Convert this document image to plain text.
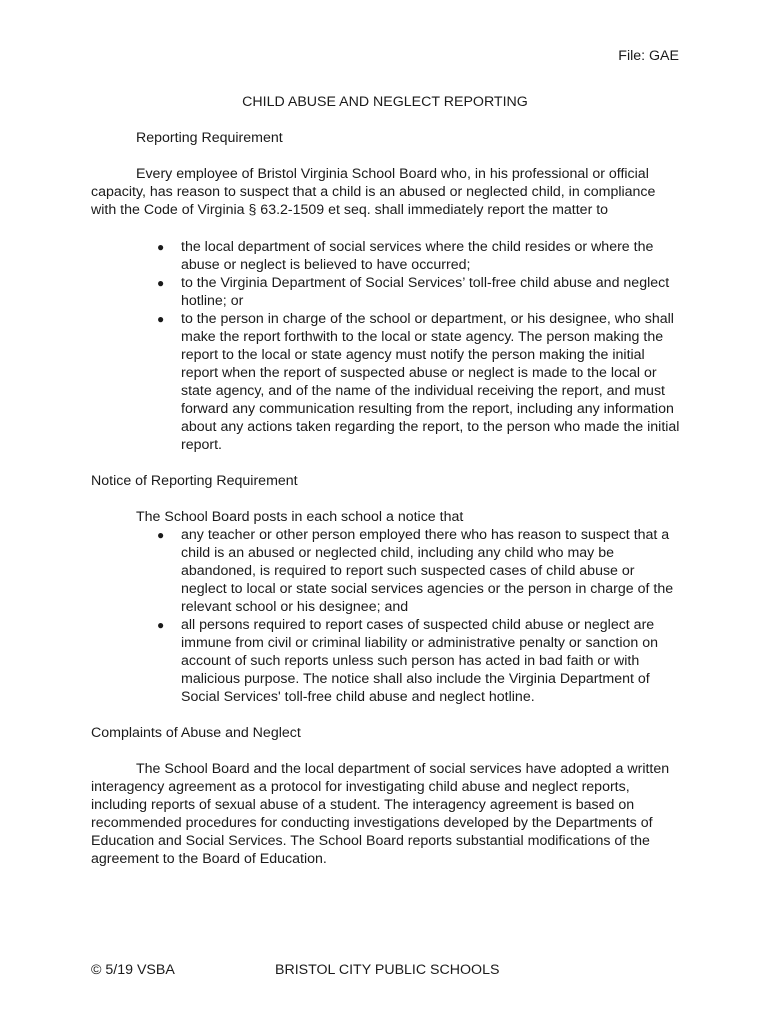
File: GAE
CHILD ABUSE AND NEGLECT REPORTING
Reporting Requirement

Every employee of Bristol Virginia School Board who, in his professional or official capacity, has reason to suspect that a child is an abused or neglected child, in compliance with the Code of Virginia § 63.2-1509 et seq. shall immediately report the matter to

● the local department of social services where the child resides or where the abuse or neglect is believed to have occurred;
● to the Virginia Department of Social Services’ toll-free child abuse and neglect hotline; or
● to the person in charge of the school or department, or his designee, who shall make the report forthwith to the local or state agency. The person making the report to the local or state agency must notify the person making the initial report when the report of suspected abuse or neglect is made to the local or state agency, and of the name of the individual receiving the report, and must forward any communication resulting from the report, including any information about any actions taken regarding the report, to the person who made the initial report.
Notice of Reporting Requirement
The School Board posts in each school a notice that
● any teacher or other person employed there who has reason to suspect that a child is an abused or neglected child, including any child who may be abandoned, is required to report such suspected cases of child abuse or neglect to local or state social services agencies or the person in charge of the relevant school or his designee; and
● all persons required to report cases of suspected child abuse or neglect are immune from civil or criminal liability or administrative penalty or sanction on account of such reports unless such person has acted in bad faith or with malicious purpose. The notice shall also include the Virginia Department of Social Services' toll-free child abuse and neglect hotline.
Complaints of Abuse and Neglect

The School Board and the local department of social services have adopted a written interagency agreement as a protocol for investigating child abuse and neglect reports, including reports of sexual abuse of a student. The interagency agreement is based on recommended procedures for conducting investigations developed by the Departments of Education and Social Services. The School Board reports substantial modifications of the agreement to the Board of Education.

© 5/19 VSBA	BRISTOL CITY PUBLIC SCHOOLS
